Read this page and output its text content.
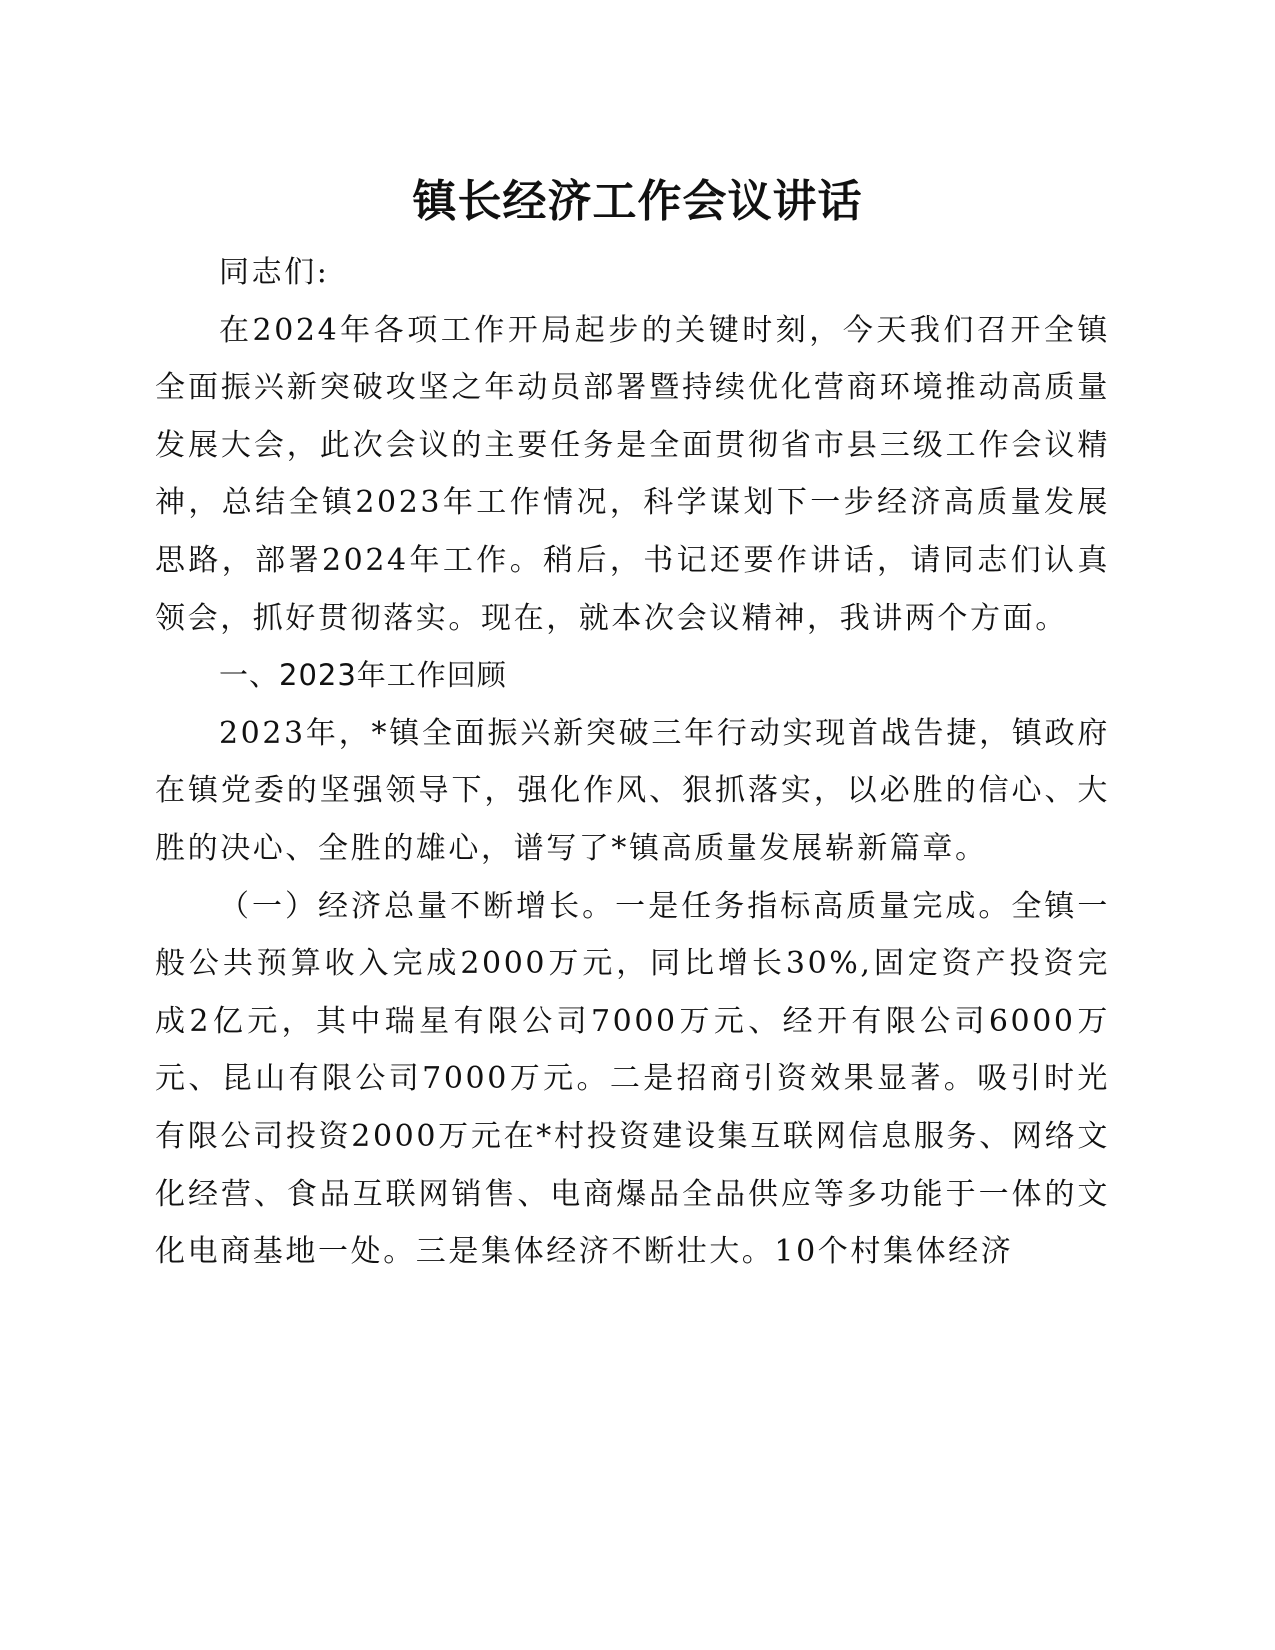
镇长经济工作会议讲话

同志们:

在2024年各项工作开局起步的关键时刻，今天我们召开全镇全面振兴新突破攻坚之年动员部署暨持续优化营商环境推动高质量发展大会，此次会议的主要任务是全面贯彻省市县三级工作会议精神，总结全镇2023年工作情况，科学谋划下一步经济高质量发展思路，部署2024年工作。稍后，书记还要作讲话，请同志们认真领会，抓好贯彻落实。现在，就本次会议精神，我讲两个方面。

一、2023年工作回顾

2023年，*镇全面振兴新突破三年行动实现首战告捷，镇政府在镇党委的坚强领导下，强化作风、狠抓落实，以必胜的信心、大胜的决心、全胜的雄心，谱写了*镇高质量发展崭新篇章。

（一）经济总量不断增长。一是任务指标高质量完成。全镇一般公共预算收入完成2000万元，同比增长30%,固定资产投资完成2亿元，其中瑞星有限公司7000万元、经开有限公司6000万元、昆山有限公司7000万元。二是招商引资效果显著。吸引时光有限公司投资2000万元在*村投资建设集互联网信息服务、网络文化经营、食品互联网销售、电商爆品全品供应等多功能于一体的文化电商基地一处。三是集体经济不断壮大。10个村集体经济
